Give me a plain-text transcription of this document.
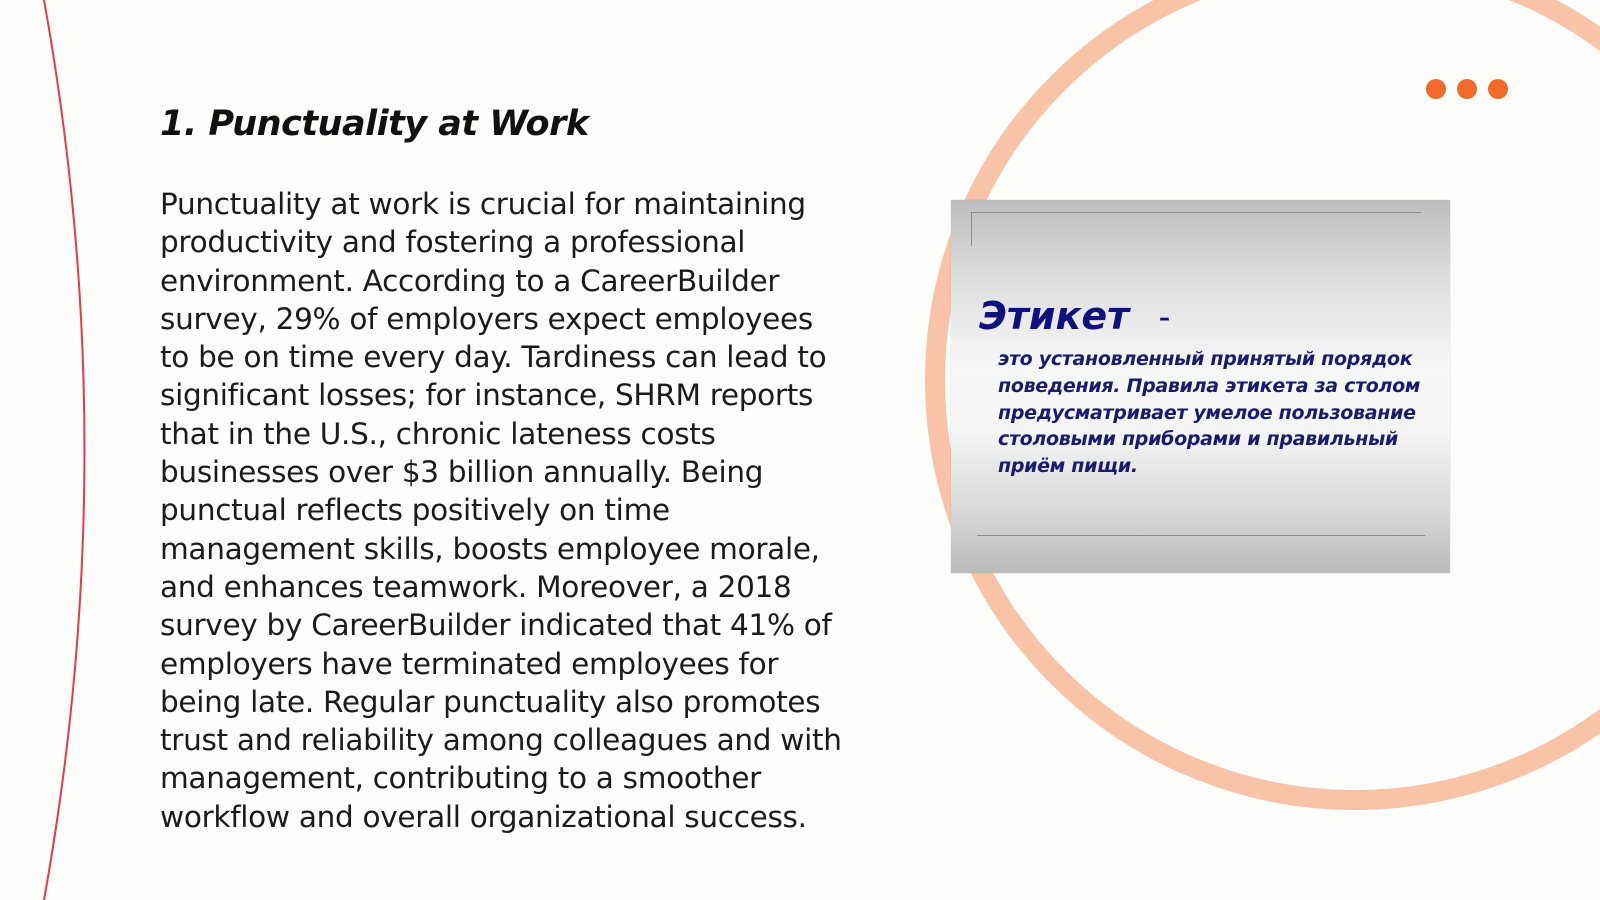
1. Punctuality at Work

Punctuality at work is crucial for maintaining productivity and fostering a professional environment. According to a CareerBuilder survey, 29% of employers expect employees to be on time every day. Tardiness can lead to significant losses; for instance, SHRM reports that in the U.S., chronic lateness costs businesses over $3 billion annually. Being punctual reflects positively on time management skills, boosts employee morale, and enhances teamwork. Moreover, a 2018 survey by CareerBuilder indicated that 41% of employers have terminated employees for being late. Regular punctuality also promotes trust and reliability among colleagues and with management, contributing to a smoother workflow and overall organizational success.

Этикет –

это установленный принятый порядок поведения. Правила этикета за столом предусматривает умелое пользование столовыми приборами и правильный приём пищи.
